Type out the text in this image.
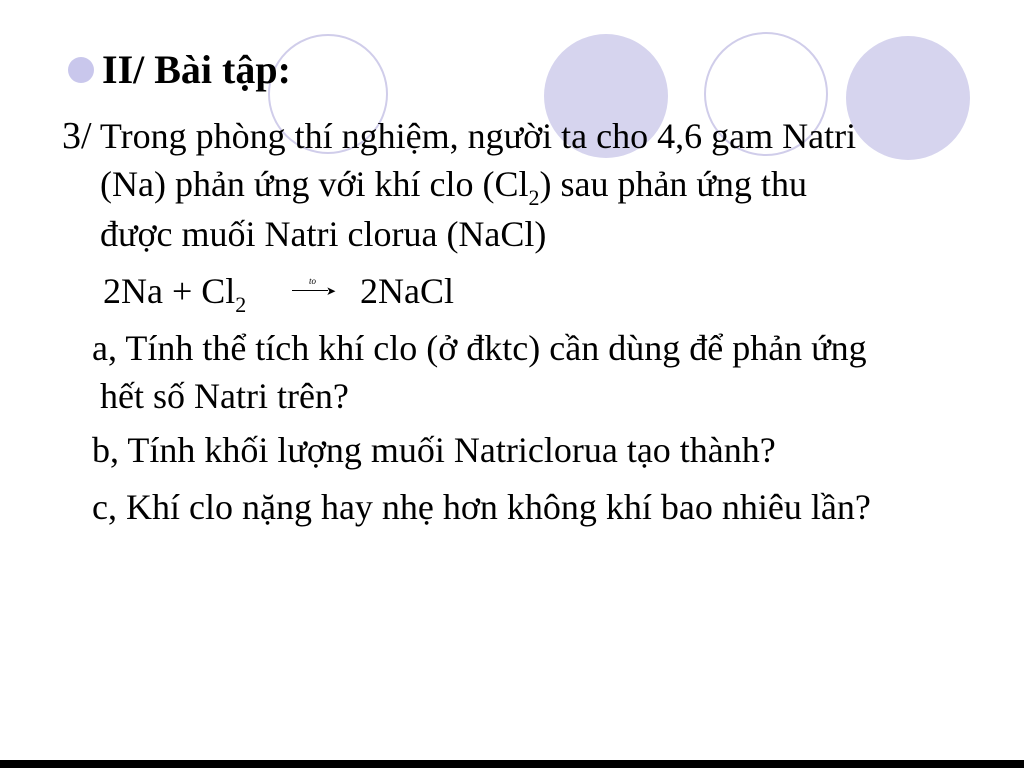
II/ Bài tập:
3/ Trong phòng thí nghiệm, người ta cho 4,6 gam Natri
(Na) phản ứng với khí clo $(Cl_2)$ sau phản ứng thu
được muối Natri clorua (NaCl)
$2Na + Cl_2$
to
➤ 2NaCl
a, Tính thể tích khí clo (ở đktc) cần dùng để phản ứng
hết số Natri trên?
b, Tính khối lượng muối Natriclorua tạo thành?
c, Khí clo nặng hay nhẹ hơn không khí bao nhiêu lần?
